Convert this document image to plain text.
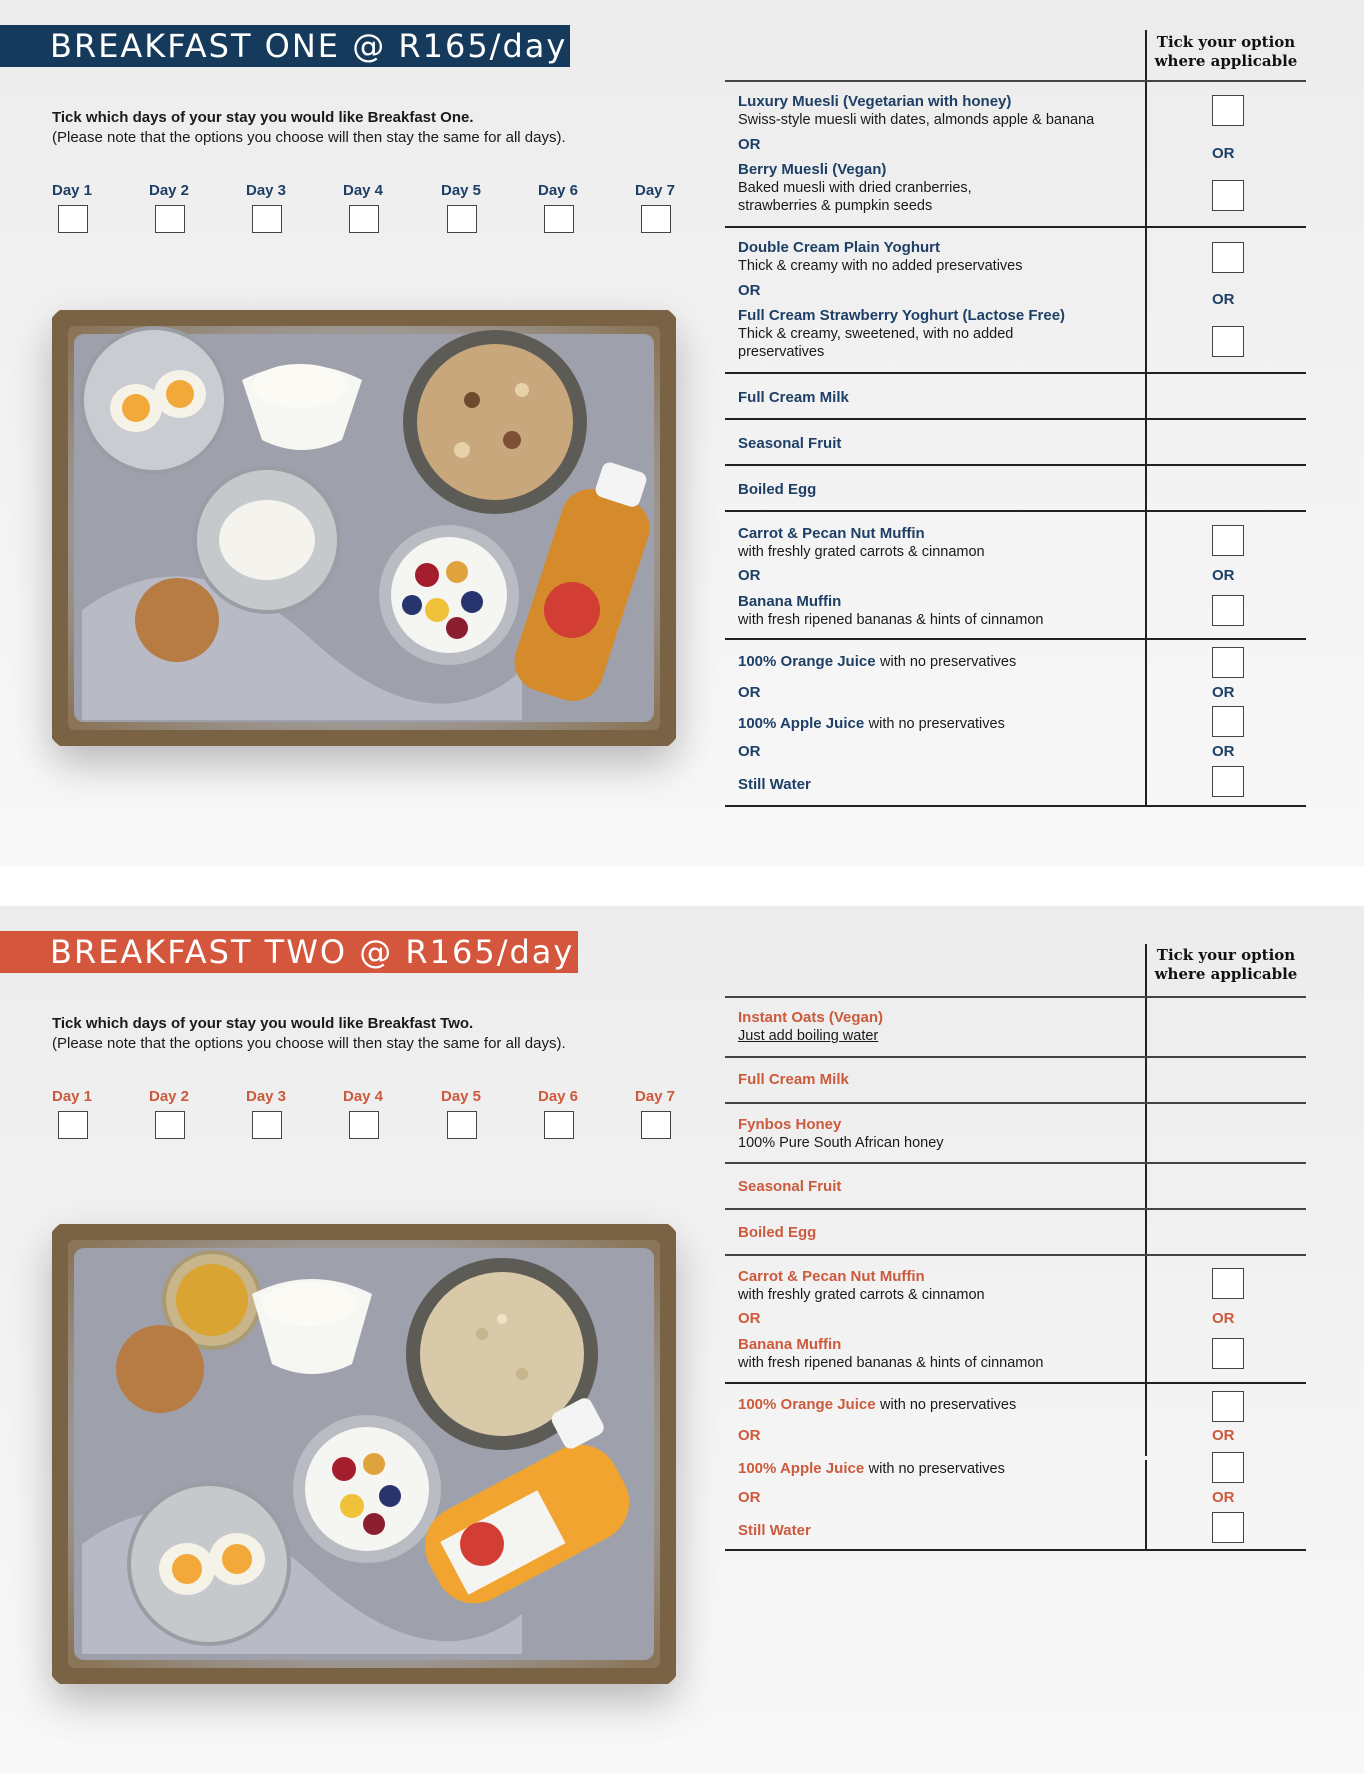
BREAKFAST ONE @ R165/day
Tick which days of your stay you would like Breakfast One.
(Please note that the options you choose will then stay the same for all days).
Day 1	Day 2	Day 3	Day 4	Day 5	Day 6	Day 7
Tick your option
where applicable
Luxury Muesli (Vegetarian with honey)
Swiss-style muesli with dates, almonds apple & banana
OR
OR
Berry Muesli (Vegan)
Baked muesli with dried cranberries,
strawberries & pumpkin seeds
Double Cream Plain Yoghurt
Thick & creamy with no added preservatives
OR
OR
Full Cream Strawberry Yoghurt (Lactose Free)
Thick & creamy, sweetened, with no added
preservatives
Full Cream Milk
Seasonal Fruit
Boiled Egg
Carrot & Pecan Nut Muffin
with freshly grated carrots & cinnamon
OR	OR
Banana Muffin
with fresh ripened bananas & hints of cinnamon
100% Orange Juice with no preservatives
OR	OR
100% Apple Juice with no preservatives
OR	OR
Still Water
BREAKFAST TWO @ R165/day
Tick which days of your stay you would like Breakfast Two.
(Please note that the options you choose will then stay the same for all days).
Day 1	Day 2	Day 3	Day 4	Day 5	Day 6	Day 7
Tick your option
where applicable
Instant Oats (Vegan)
Just add boiling water
Full Cream Milk
Fynbos Honey
100% Pure South African honey
Seasonal Fruit
Boiled Egg
Carrot & Pecan Nut Muffin
with freshly grated carrots & cinnamon
OR	OR
Banana Muffin
with fresh ripened bananas & hints of cinnamon
100% Orange Juice with no preservatives
OR	OR
100% Apple Juice with no preservatives
OR	OR
Still Water
